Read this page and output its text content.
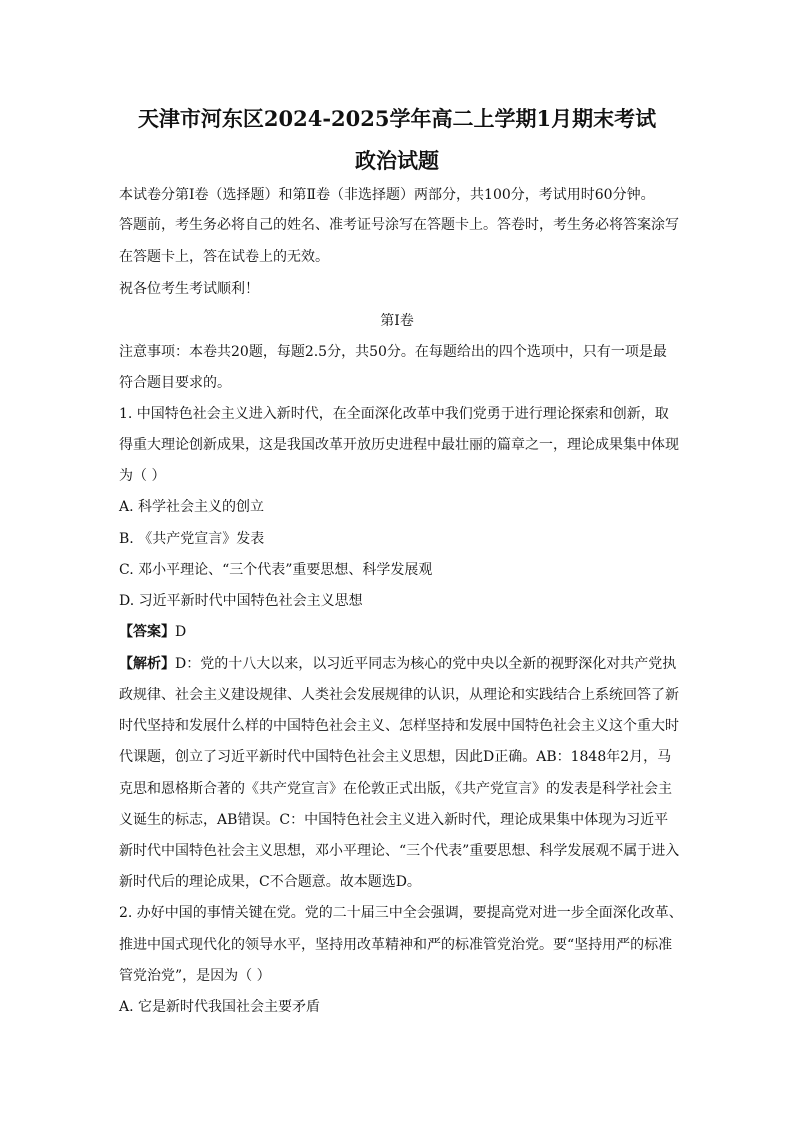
天津市河东区2024-2025学年高二上学期1月期末考试
政治试题
本试卷分第Ⅰ卷（选择题）和第Ⅱ卷（非选择题）两部分，共100分，考试用时60分钟。
答题前，考生务必将自己的姓名、准考证号涂写在答题卡上。答卷时，考生务必将答案涂写
在答题卡上，答在试卷上的无效。
祝各位考生考试顺利！
第Ⅰ卷
注意事项：本卷共20题，每题2.5分，共50分。在每题给出的四个选项中，只有一项是最
符合题目要求的。
1. 中国特色社会主义进入新时代，在全面深化改革中我们党勇于进行理论探索和创新，取
得重大理论创新成果，这是我国改革开放历史进程中最壮丽的篇章之一，理论成果集中体现
为（ ）
A. 科学社会主义的创立
B. 《共产党宣言》发表
C. 邓小平理论、“三个代表”重要思想、科学发展观
D. 习近平新时代中国特色社会主义思想
【答案】D
【解析】D：党的十八大以来，以习近平同志为核心的党中央以全新的视野深化对共产党执
政规律、社会主义建设规律、人类社会发展规律的认识，从理论和实践结合上系统回答了新
时代坚持和发展什么样的中国特色社会主义、怎样坚持和发展中国特色社会主义这个重大时
代课题，创立了习近平新时代中国特色社会主义思想，因此D正确。AB：1848年2月，马
克思和恩格斯合著的《共产党宣言》在伦敦正式出版，《共产党宣言》的发表是科学社会主
义诞生的标志，AB错误。C：中国特色社会主义进入新时代，理论成果集中体现为习近平
新时代中国特色社会主义思想，邓小平理论、“三个代表”重要思想、科学发展观不属于进入
新时代后的理论成果，C不合题意。故本题选D。
2. 办好中国的事情关键在党。党的二十届三中全会强调，要提高党对进一步全面深化改革、
推进中国式现代化的领导水平，坚持用改革精神和严的标准管党治党。要“坚持用严的标准
管党治党”，是因为（ ）
A. 它是新时代我国社会主要矛盾
